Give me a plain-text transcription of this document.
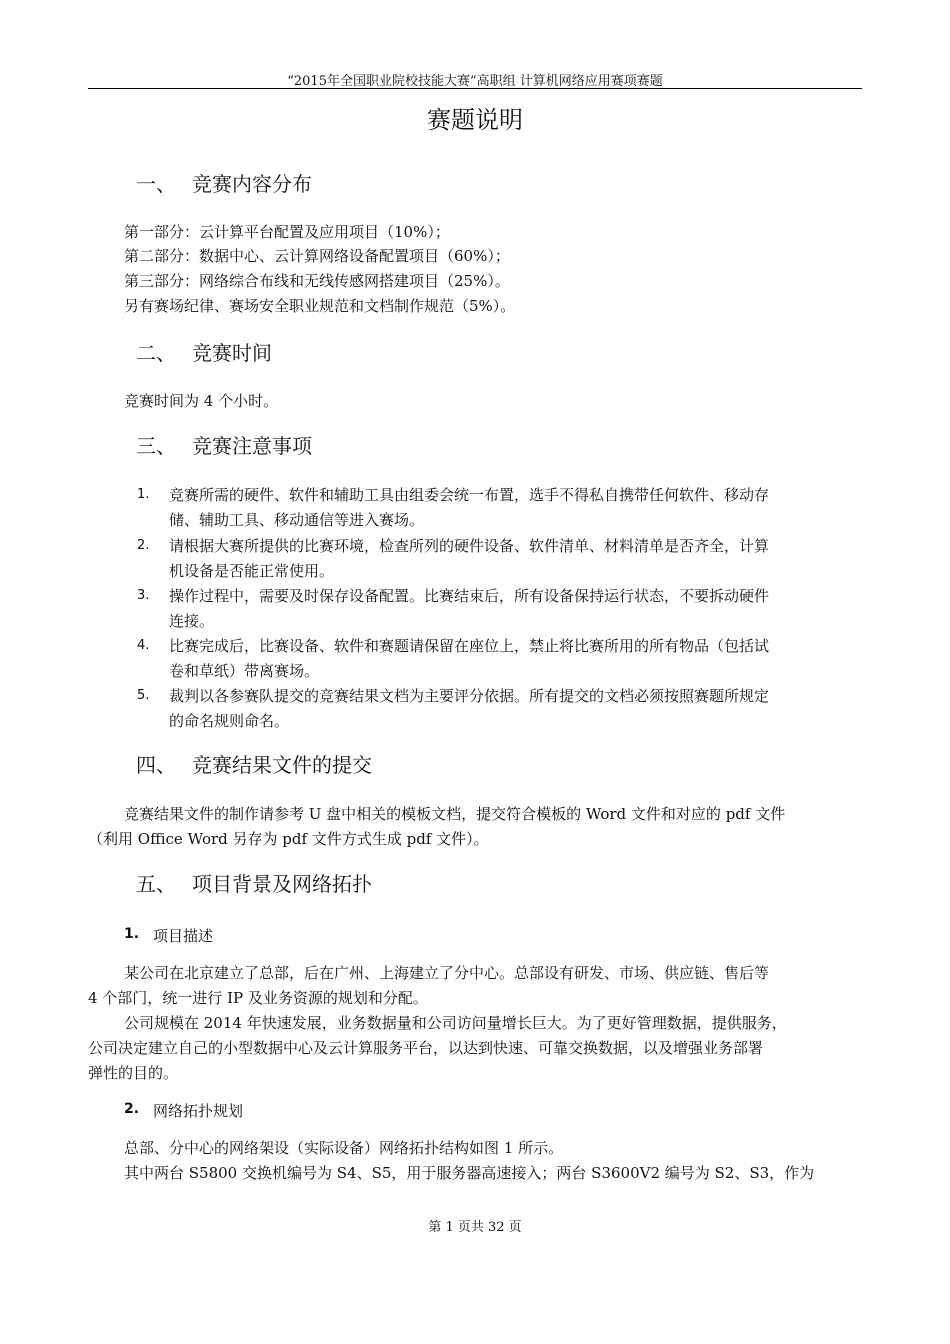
“2015年全国职业院校技能大赛”高职组 计算机网络应用赛项赛题
赛题说明
一、 竞赛内容分布
第一部分：云计算平台配置及应用项目（10%）；
第二部分：数据中心、云计算网络设备配置项目（60%）；
第三部分：网络综合布线和无线传感网搭建项目（25%）。
另有赛场纪律、赛场安全职业规范和文档制作规范（5%）。
二、 竞赛时间
竞赛时间为 4 个小时。
三、 竞赛注意事项
1. 竞赛所需的硬件、软件和辅助工具由组委会统一布置，选手不得私自携带任何软件、移动存
储、辅助工具、移动通信等进入赛场。
2. 请根据大赛所提供的比赛环境，检查所列的硬件设备、软件清单、材料清单是否齐全，计算
机设备是否能正常使用。
3. 操作过程中，需要及时保存设备配置。比赛结束后，所有设备保持运行状态，不要拆动硬件
连接。
4. 比赛完成后，比赛设备、软件和赛题请保留在座位上，禁止将比赛所用的所有物品（包括试
卷和草纸）带离赛场。
5. 裁判以各参赛队提交的竞赛结果文档为主要评分依据。所有提交的文档必须按照赛题所规定
的命名规则命名。
四、 竞赛结果文件的提交
竞赛结果文件的制作请参考 U 盘中相关的模板文档，提交符合模板的 Word 文件和对应的 pdf 文件
（利用 Office Word 另存为 pdf 文件方式生成 pdf 文件）。
五、 项目背景及网络拓扑
1. 项目描述
某公司在北京建立了总部，后在广州、上海建立了分中心。总部设有研发、市场、供应链、售后等
4 个部门，统一进行 IP 及业务资源的规划和分配。
公司规模在 2014 年快速发展，业务数据量和公司访问量增长巨大。为了更好管理数据，提供服务，
公司决定建立自己的小型数据中心及云计算服务平台，以达到快速、可靠交换数据，以及增强业务部署
弹性的目的。
2. 网络拓扑规划
总部、分中心的网络架设（实际设备）网络拓扑结构如图 1 所示。
其中两台 S5800 交换机编号为 S4、S5，用于服务器高速接入；两台 S3600V2 编号为 S2、S3，作为
第 1 页共 32 页
